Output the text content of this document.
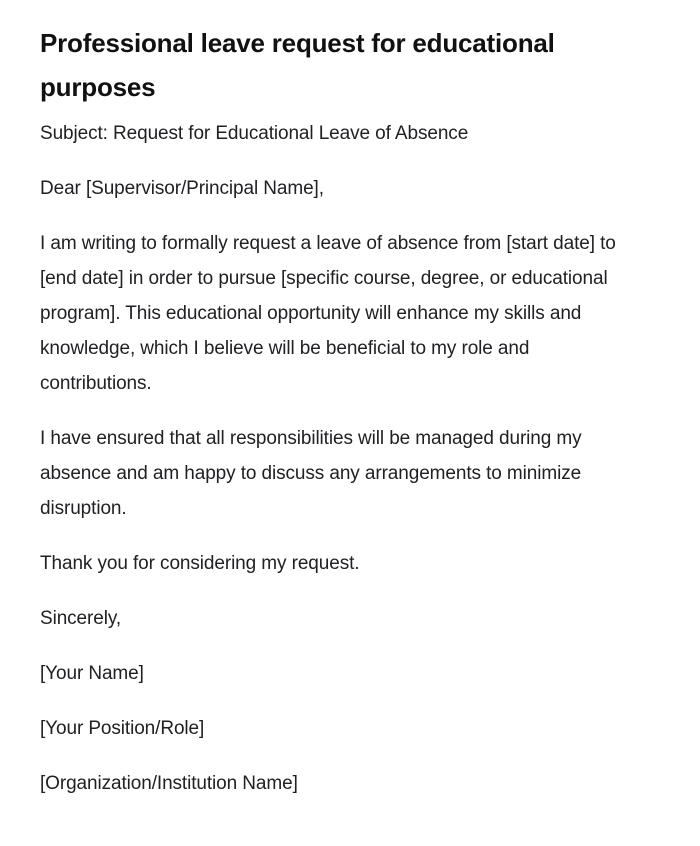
Professional leave request for educational purposes

Subject: Request for Educational Leave of Absence

Dear [Supervisor/Principal Name],

I am writing to formally request a leave of absence from [start date] to [end date] in order to pursue [specific course, degree, or educational program]. This educational opportunity will enhance my skills and knowledge, which I believe will be beneficial to my role and contributions.

I have ensured that all responsibilities will be managed during my absence and am happy to discuss any arrangements to minimize disruption.

Thank you for considering my request.

Sincerely,

[Your Name]

[Your Position/Role]

[Organization/Institution Name]
